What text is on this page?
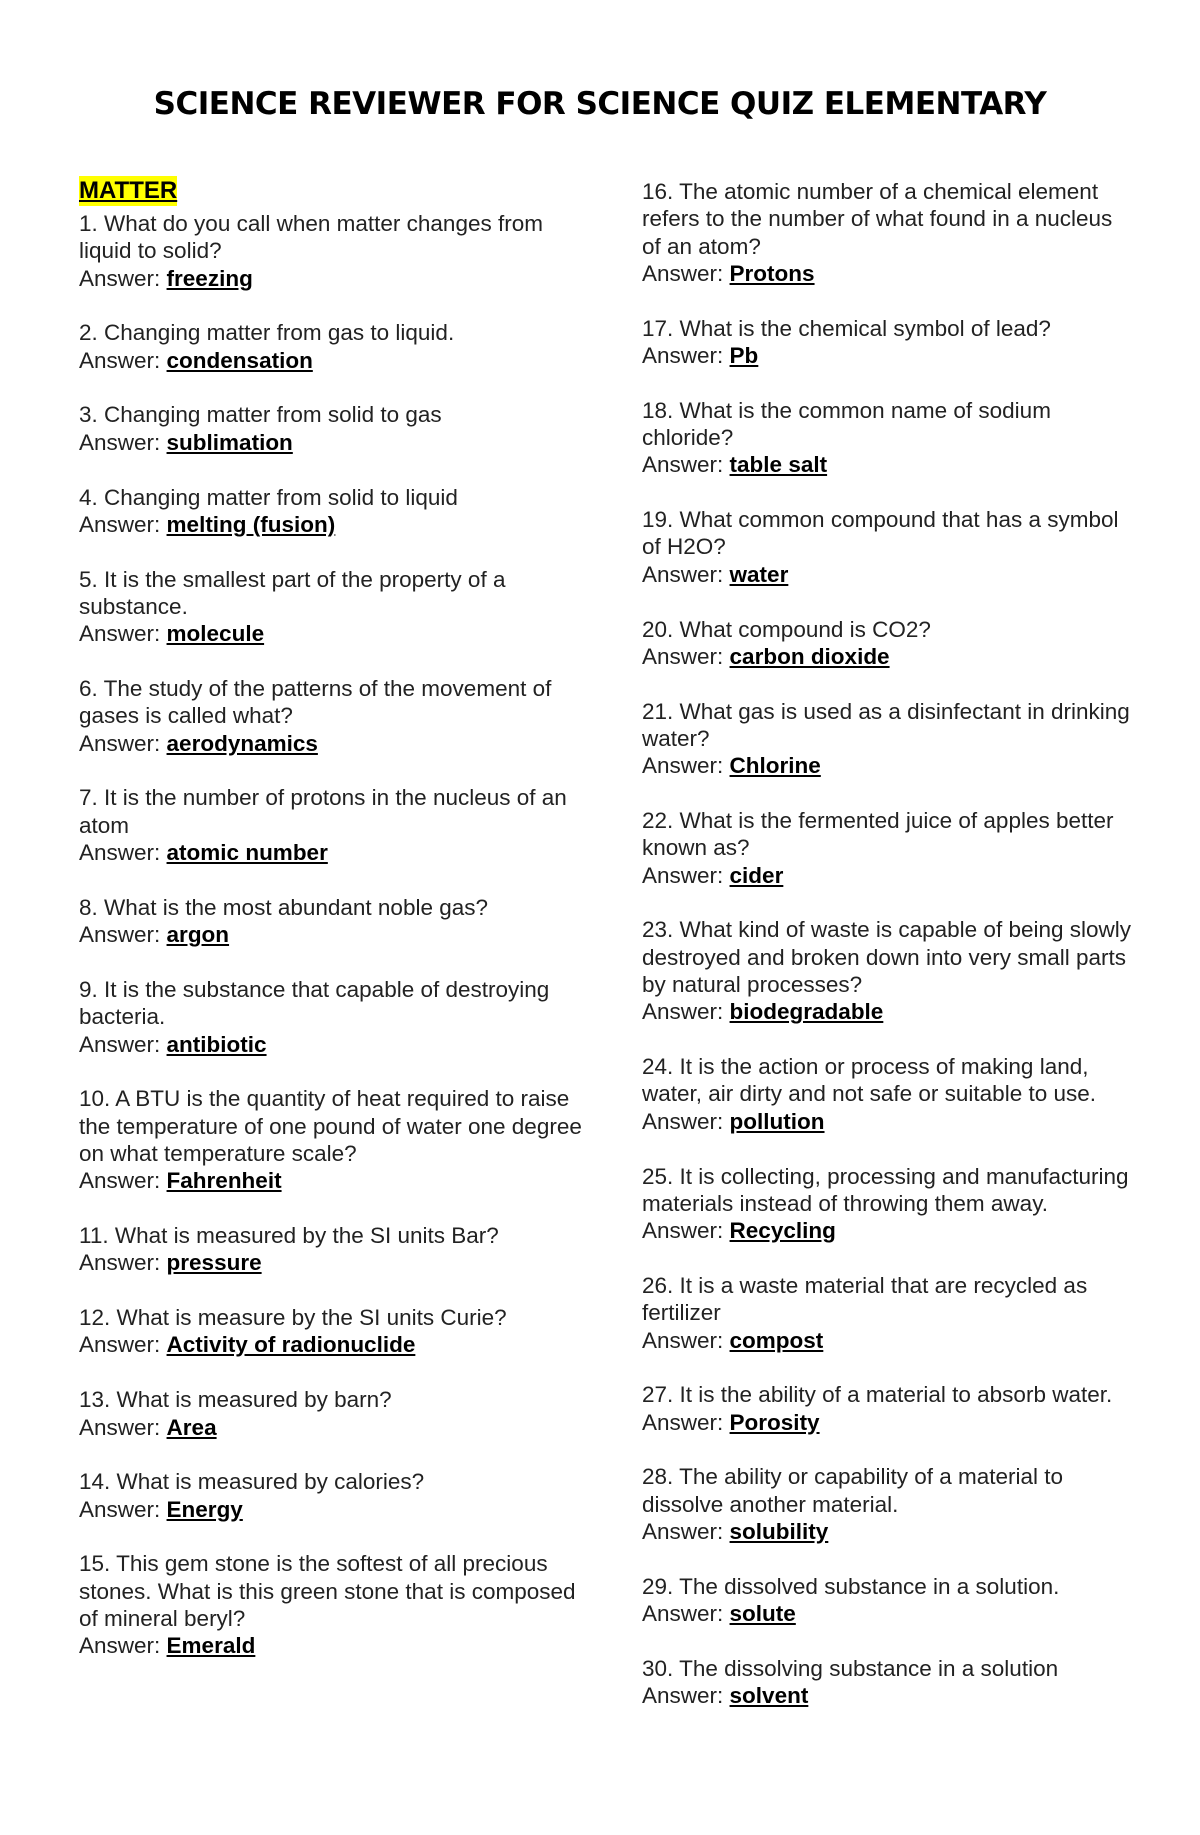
SCIENCE REVIEWER FOR SCIENCE QUIZ ELEMENTARY
MATTER
1. What do you call when matter changes from liquid to solid?
Answer: freezing
2. Changing matter from gas to liquid.
Answer: condensation
3. Changing matter from solid to gas
Answer: sublimation
4. Changing matter from solid to liquid
Answer: melting (fusion)
5. It is the smallest part of the property of a substance.
Answer: molecule
6. The study of the patterns of the movement of gases is called what?
Answer: aerodynamics
7. It is the number of protons in the nucleus of an atom
Answer: atomic number
8. What is the most abundant noble gas?
Answer: argon
9. It is the substance that capable of destroying bacteria.
Answer: antibiotic
10. A BTU is the quantity of heat required to raise the temperature of one pound of water one degree on what temperature scale?
Answer: Fahrenheit
11. What is measured by the SI units Bar?
Answer: pressure
12. What is measure by the SI units Curie?
Answer: Activity of radionuclide
13. What is measured by barn?
Answer: Area
14. What is measured by calories?
Answer: Energy
15. This gem stone is the softest of all precious stones. What is this green stone that is composed of mineral beryl?
Answer: Emerald
16. The atomic number of a chemical element refers to the number of what found in a nucleus of an atom?
Answer: Protons
17. What is the chemical symbol of lead?
Answer: Pb
18. What is the common name of sodium chloride?
Answer: table salt
19. What common compound that has a symbol of H2O?
Answer: water
20. What compound is CO2?
Answer: carbon dioxide
21. What gas is used as a disinfectant in drinking water?
Answer: Chlorine
22. What is the fermented juice of apples better known as?
Answer: cider
23. What kind of waste is capable of being slowly destroyed and broken down into very small parts by natural processes?
Answer: biodegradable
24. It is the action or process of making land, water, air dirty and not safe or suitable to use.
Answer: pollution
25. It is collecting, processing and manufacturing materials instead of throwing them away.
Answer: Recycling
26. It is a waste material that are recycled as fertilizer
Answer: compost
27. It is the ability of a material to absorb water.
Answer: Porosity
28. The ability or capability of a material to dissolve another material.
Answer: solubility
29. The dissolved substance in a solution.
Answer: solute
30. The dissolving substance in a solution
Answer: solvent
